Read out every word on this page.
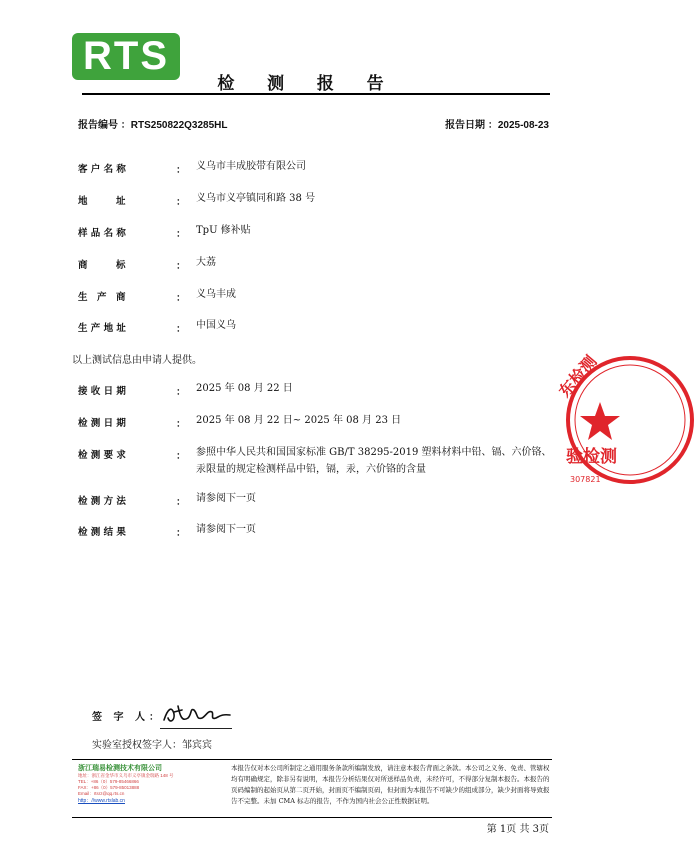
RTS
检 测 报 告
报告编号 ：RTS250822Q3285HL	报告日期 ：2025-08-23
客 户 名 称	： 义乌市丰成胶带有限公司
地　　　址	： 义乌市义亭镇同和路 38 号
样 品 名 称	： TpU 修补贴
商　　　标	： 大荔
生　产　商	： 义乌丰成
生 产 地 址	： 中国义乌
以上测试信息由申请人提供。
接 收 日 期	： 2025 年 08 月 22 日
检 测 日 期	： 2025 年 08 月 22 日~ 2025 年 08 月 23 日
检 测 要 求	： 参照中华人民共和国国家标准 GB/T 38295-2019 塑料材料中铅、镉、六价铬、汞限量的规定检测样品中铅，镉，汞，六价铬的含量
检 测 方 法	： 请参阅下一页
检 测 结 果	： 请参阅下一页
签 字 人：
实验室授权签字人：邹宾宾
浙江瑞易检测技术有限公司
地址：浙江省金华市义乌市义亭镇金瑞路 148 号
TEL：+86（0）579-85466866
FAX：+86（0）579-85013888
Email：rtsrz@qq.rts.cn
http：//www.rtslab.cn
本报告仅对本公司所制定之通用服务条款所编制发放，请注意本报告背面之条款。本公司之义务、免责、管辖权均有明确规定，除非另有说明，本报告分析结果仅对所送样品负责，未经许可，不得部分复制本报告。本报告的页码编制的起始页从第二页开始，封面页不编制页码，但封面为本报告不可缺少的组成部分，缺少封面将导致报告不完整。未加 CMA 标志的报告，不作为国内社会公正性数据证明。
第 1页 共 3页
东检测
验检测
307821
